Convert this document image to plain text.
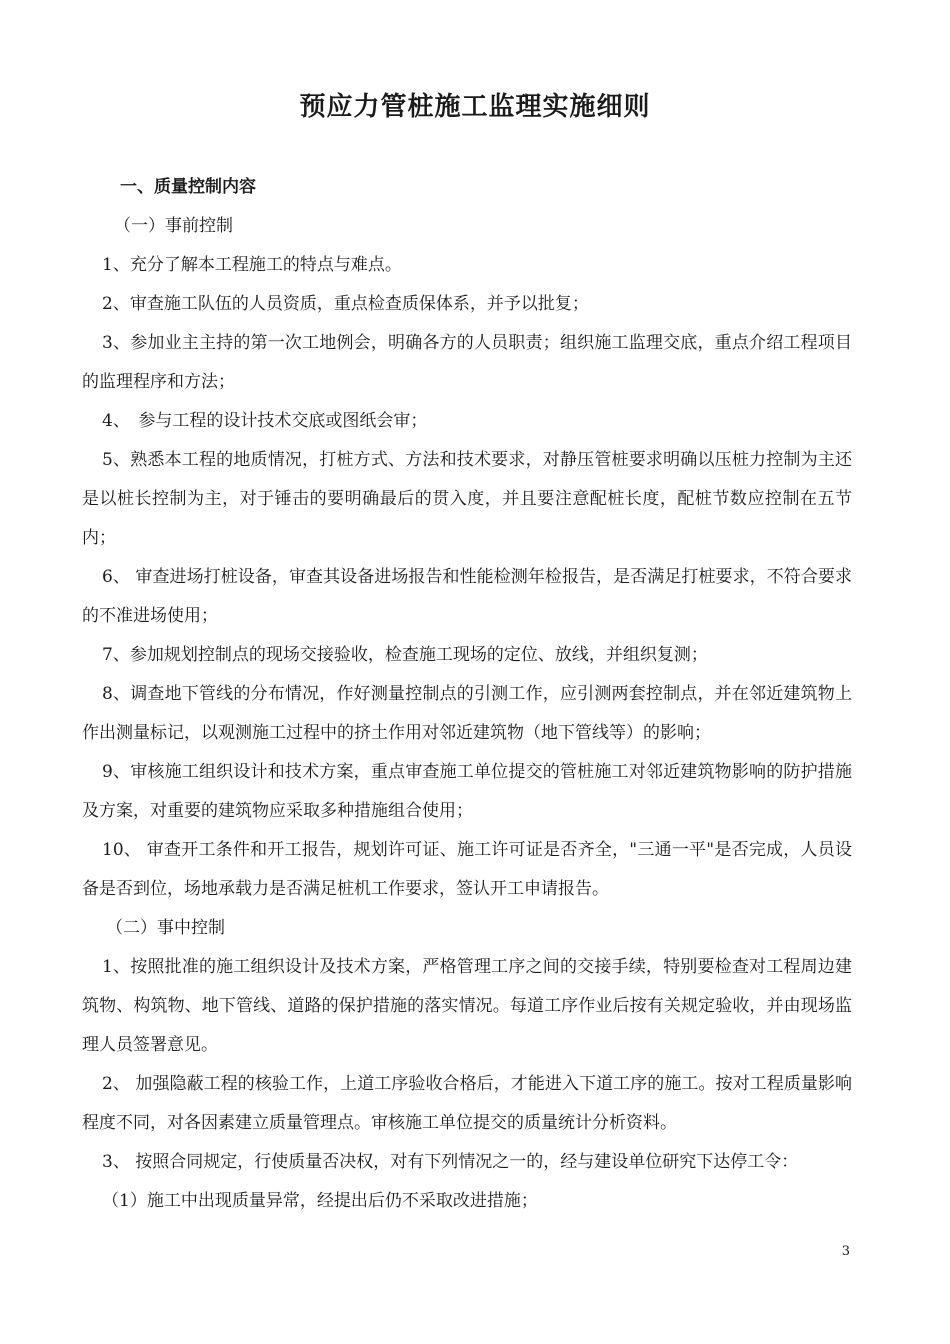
预应力管桩施工监理实施细则

一、质量控制内容

（一）事前控制

1、充分了解本工程施工的特点与难点。

2、审查施工队伍的人员资质，重点检查质保体系，并予以批复；

3、参加业主主持的第一次工地例会，明确各方的人员职责；组织施工监理交底，重点介绍工程项目的监理程序和方法；

4、　参与工程的设计技术交底或图纸会审；

5、熟悉本工程的地质情况，打桩方式、方法和技术要求，对静压管桩要求明确以压桩力控制为主还是以桩长控制为主，对于锤击的要明确最后的贯入度，并且要注意配桩长度，配桩节数应控制在五节内；

6、 审查进场打桩设备，审查其设备进场报告和性能检测年检报告，是否满足打桩要求，不符合要求的不准进场使用；

7、参加规划控制点的现场交接验收，检查施工现场的定位、放线，并组织复测；

8、调查地下管线的分布情况，作好测量控制点的引测工作，应引测两套控制点，并在邻近建筑物上作出测量标记，以观测施工过程中的挤土作用对邻近建筑物（地下管线等）的影响；

9、审核施工组织设计和技术方案，重点审查施工单位提交的管桩施工对邻近建筑物影响的防护措施及方案，对重要的建筑物应采取多种措施组合使用；

10、 审查开工条件和开工报告，规划许可证、施工许可证是否齐全，"三通一平"是否完成，人员设备是否到位，场地承载力是否满足桩机工作要求，签认开工申请报告。

（二）事中控制

1、按照批准的施工组织设计及技术方案，严格管理工序之间的交接手续，特别要检查对工程周边建筑物、构筑物、地下管线、道路的保护措施的落实情况。每道工序作业后按有关规定验收，并由现场监理人员签署意见。

2、 加强隐蔽工程的核验工作，上道工序验收合格后，才能进入下道工序的施工。按对工程质量影响程度不同，对各因素建立质量管理点。审核施工单位提交的质量统计分析资料。

3、 按照合同规定，行使质量否决权，对有下列情况之一的，经与建设单位研究下达停工令：

（1）施工中出现质量异常，经提出后仍不采取改进措施；

3
